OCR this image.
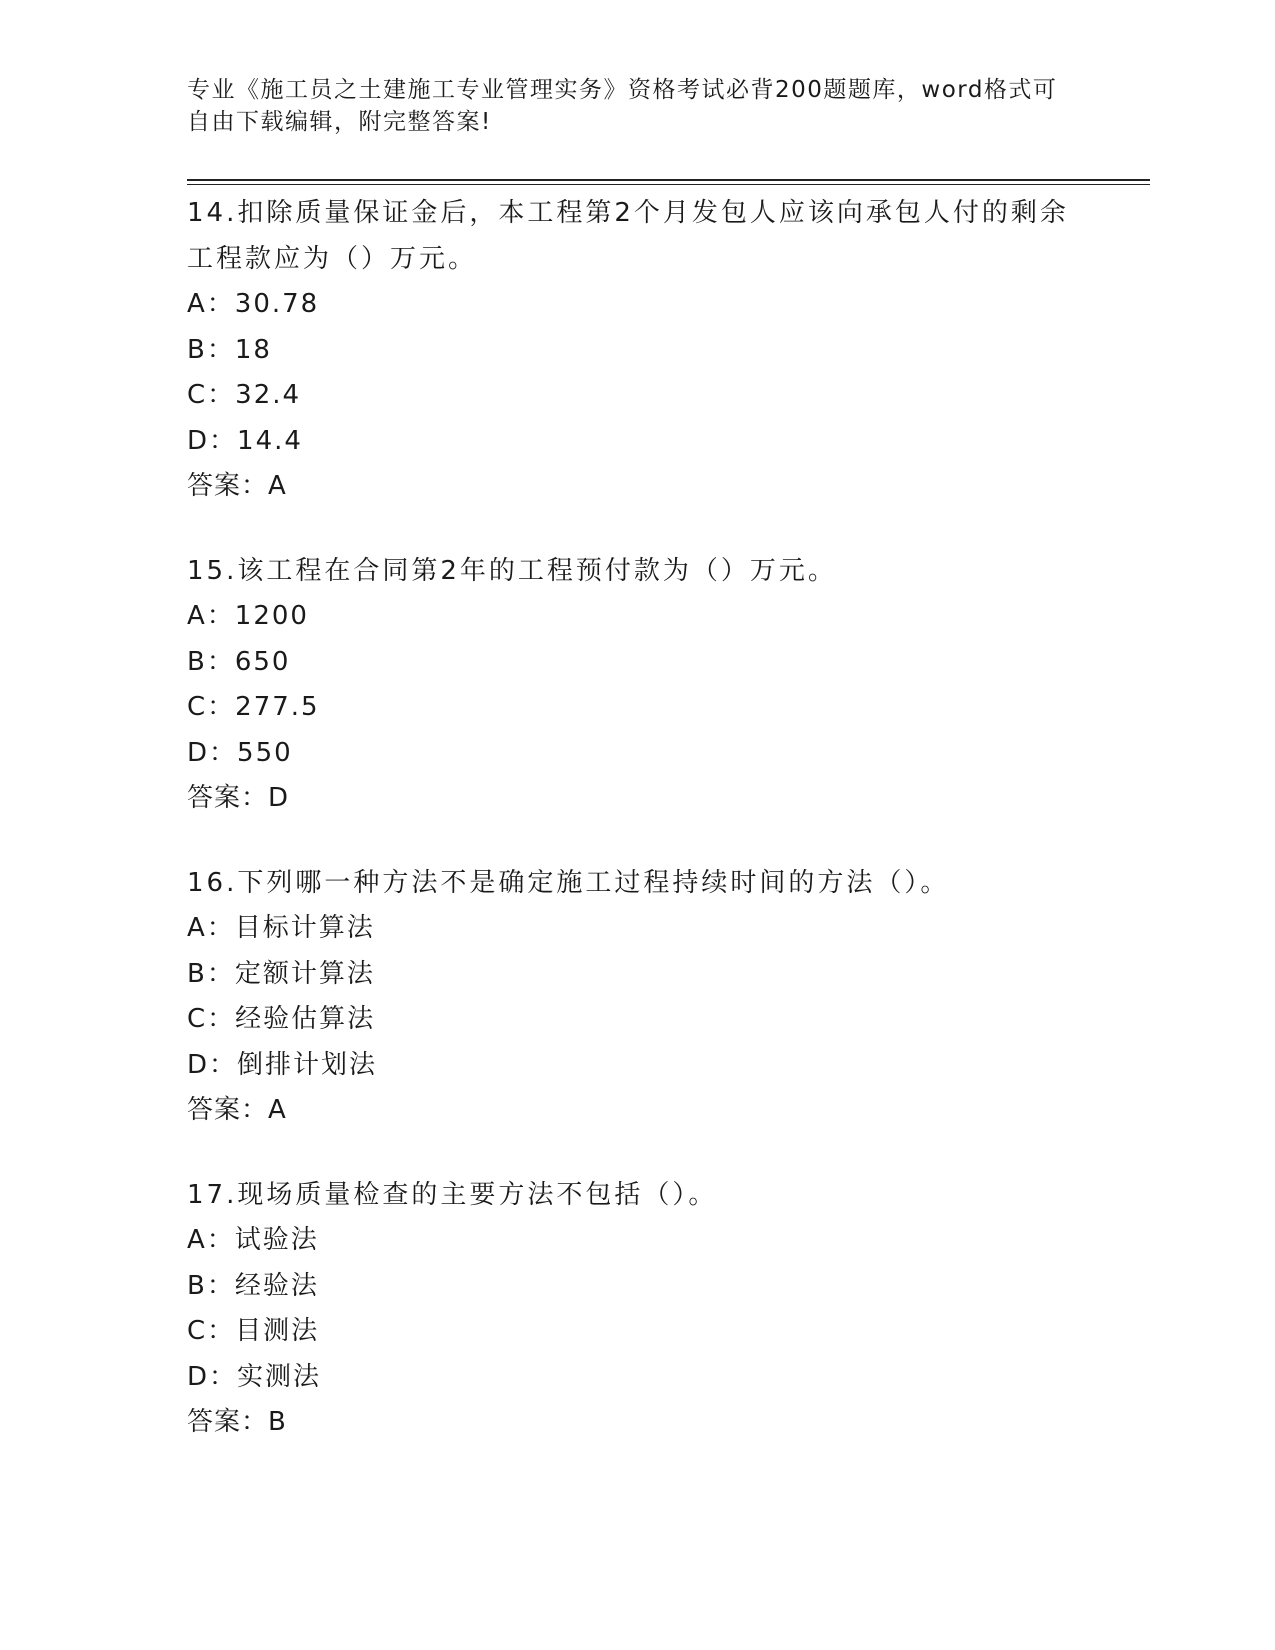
专业《施工员之土建施工专业管理实务》资格考试必背200题题库，word格式可自由下载编辑，附完整答案!

14.扣除质量保证金后，本工程第2个月发包人应该向承包人付的剩余工程款应为（）万元。

A：30.78

B：18

C：32.4

D：14.4

答案：A

15.该工程在合同第2年的工程预付款为（）万元。

A：1200

B：650

C：277.5

D：550

答案：D

16.下列哪一种方法不是确定施工过程持续时间的方法（）。

A：目标计算法

B：定额计算法

C：经验估算法

D：倒排计划法

答案：A

17.现场质量检查的主要方法不包括（）。

A：试验法

B：经验法

C：目测法

D：实测法

答案：B
